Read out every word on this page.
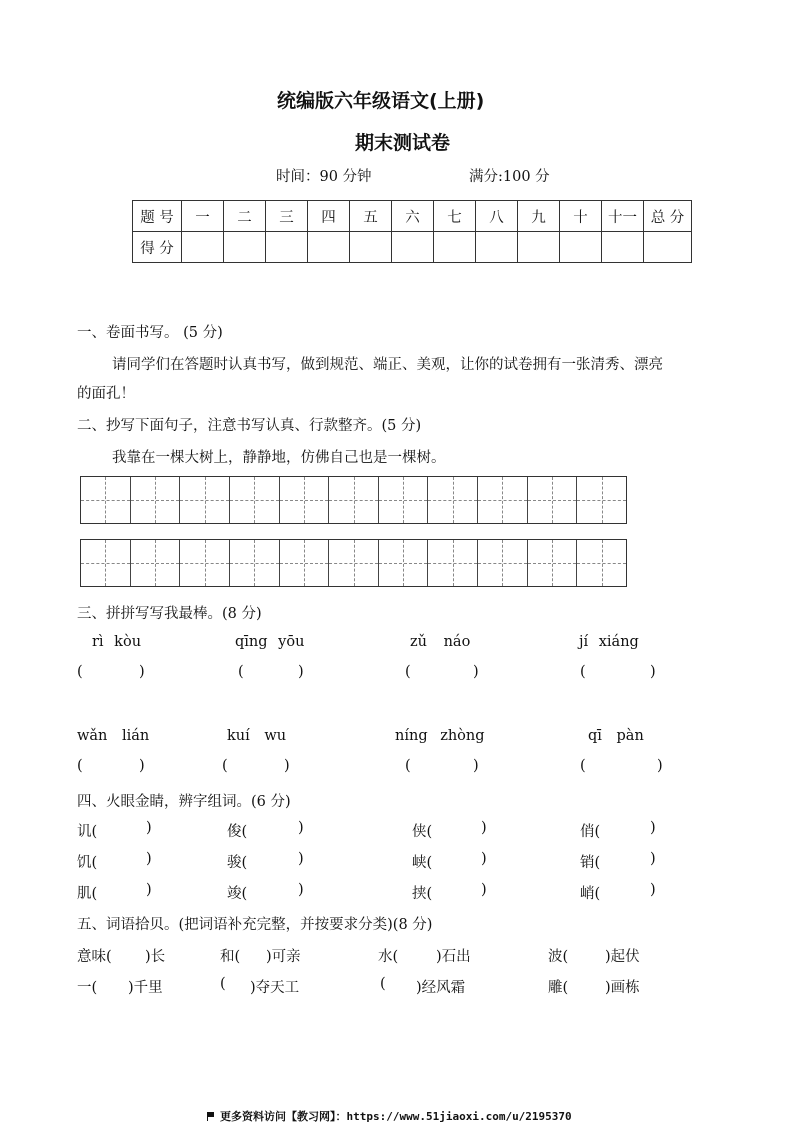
统编版六年级语文(上册)
期末测试卷
时间：90 分钟	满分:100 分
题 号	一	二	三	四	五	六	七	八	九	十	十一	总 分
得 分												
一、卷面书写。 (5 分)
请同学们在答题时认真书写，做到规范、端正、美观，让你的试卷拥有一张清秀、漂亮
的面孔！
二、抄写下面句子，注意书写认真、行款整齐。(5 分)
我靠在一棵大树上，静静地，仿佛自己也是一棵树。
三、拼拼写写我最棒。(8 分)
rì kòu	qīng yōu	zǔ náo	jí xiáng
(	)	(	)	(	)	(	)
wǎn lián	kuí wu	níng zhòng	qī pàn
(	)	(	)	(	)	(	)
四、火眼金睛，辨字组词。(6 分)
讥(	)	俊(	)	侠(	)	俏(	)
饥(	)	骏(	)	峡(	)	销(	)
肌(	)	竣(	)	挟(	)	峭(	)
五、词语拾贝。(把词语补充完整，并按要求分类)(8 分)
意味( )长	和( )可亲	水(	)石出	波(	)起伏
一( )千里	( )夺天工	( )经风霜	雕(	)画栋
更多资料访问【教习网】：https://www.51jiaoxi.com/u/2195370
